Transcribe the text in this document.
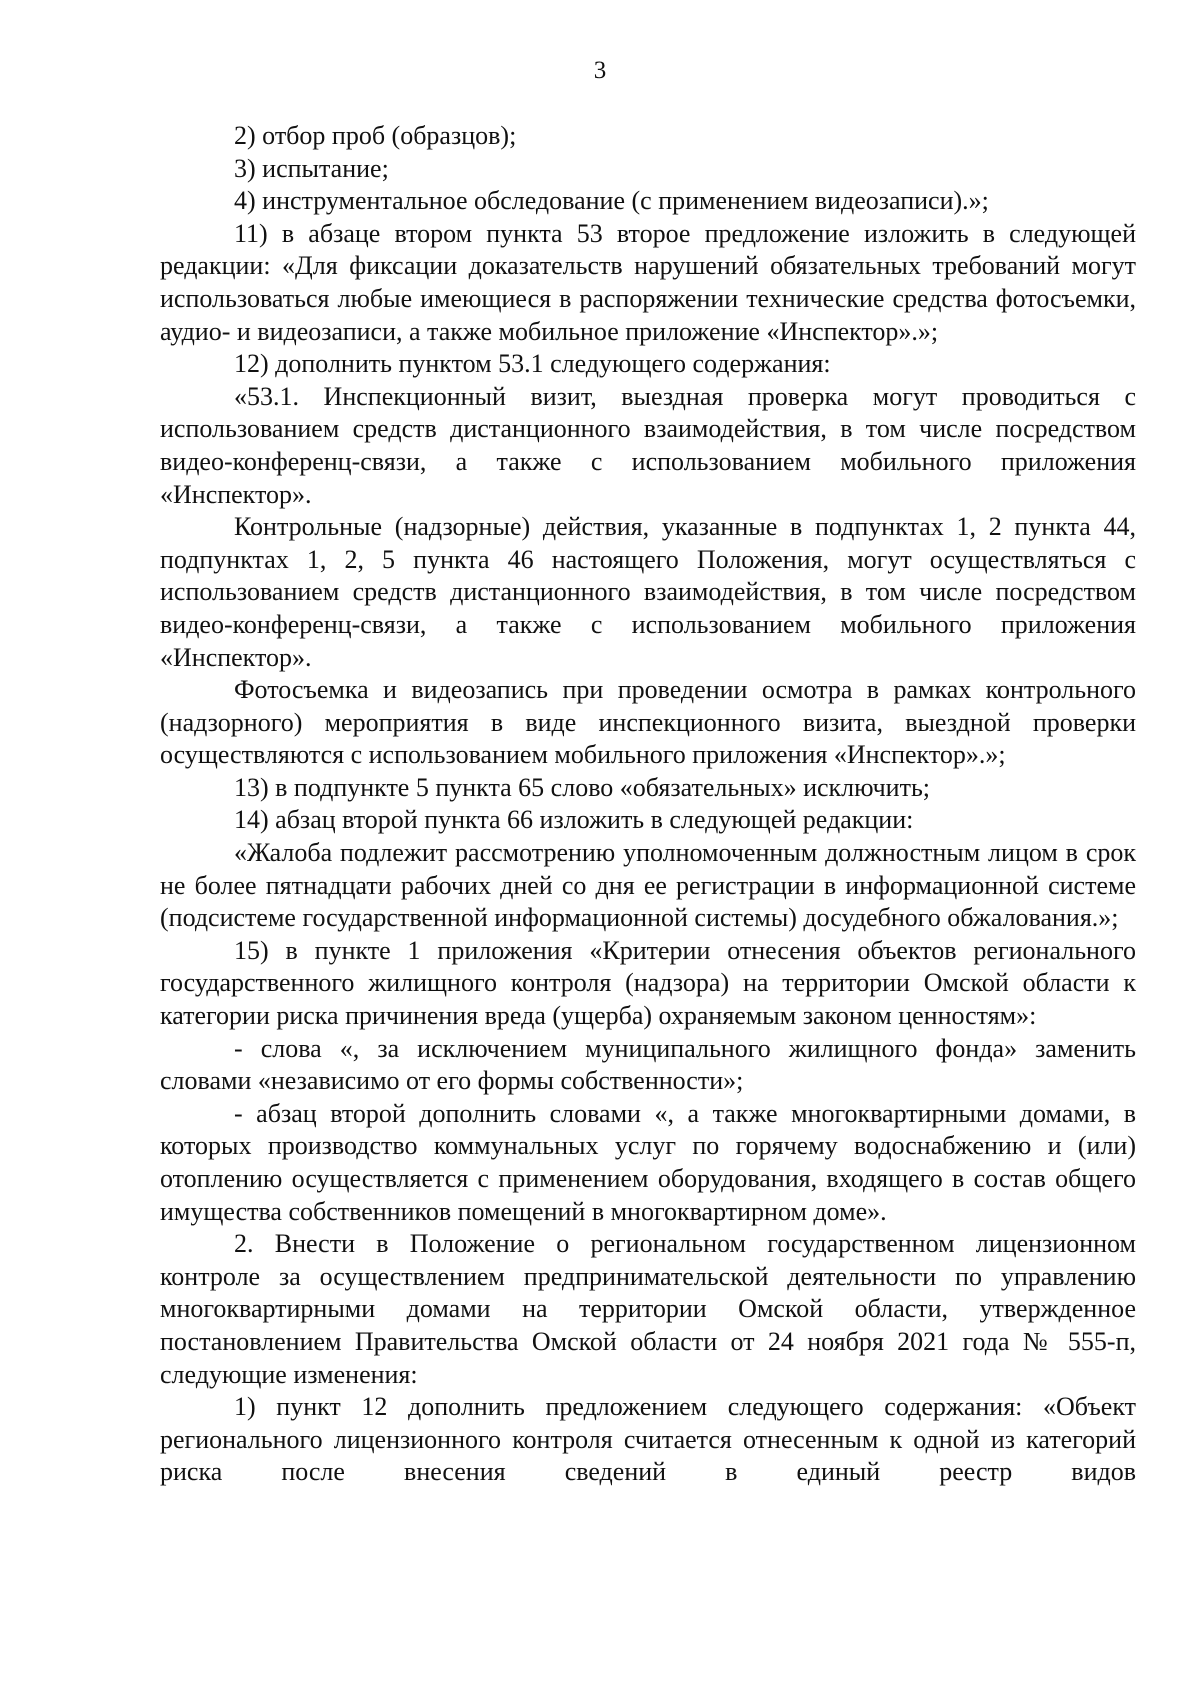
3

2) отбор проб (образцов);

3) испытание;

4) инструментальное обследование (с применением видеозаписи).»;

11) в абзаце втором пункта 53 второе предложение изложить в следующей редакции: «Для фиксации доказательств нарушений обязательных требований могут использоваться любые имеющиеся в распоряжении технические средства фотосъемки, аудио- и видеозаписи, а также мобильное приложение «Инспектор».»;

12) дополнить пунктом 53.1 следующего содержания:

«53.1. Инспекционный визит, выездная проверка могут проводиться с использованием средств дистанционного взаимодействия, в том числе посредством видео-конференц-связи, а также с использованием мобильного приложения «Инспектор».

Контрольные (надзорные) действия, указанные в подпунктах 1, 2 пункта 44, подпунктах 1, 2, 5 пункта 46 настоящего Положения, могут осуществляться с использованием средств дистанционного взаимодействия, в том числе посредством видео-конференц-связи, а также с использованием мобильного приложения «Инспектор».

Фотосъемка и видеозапись при проведении осмотра в рамках контрольного (надзорного) мероприятия в виде инспекционного визита, выездной проверки осуществляются с использованием мобильного приложения «Инспектор».»;

13) в подпункте 5 пункта 65 слово «обязательных» исключить;

14) абзац второй пункта 66 изложить в следующей редакции:

«Жалоба подлежит рассмотрению уполномоченным должностным лицом в срок не более пятнадцати рабочих дней со дня ее регистрации в информационной системе (подсистеме государственной информационной системы) досудебного обжалования.»;

15) в пункте 1 приложения «Критерии отнесения объектов регионального государственного жилищного контроля (надзора) на территории Омской области к категории риска причинения вреда (ущерба) охраняемым законом ценностям»:

- слова «, за исключением муниципального жилищного фонда» заменить словами «независимо от его формы собственности»;

- абзац второй дополнить словами «, а также многоквартирными домами, в которых производство коммунальных услуг по горячему водоснабжению и (или) отоплению осуществляется с применением оборудования, входящего в состав общего имущества собственников помещений в многоквартирном доме».

2. Внести в Положение о региональном государственном лицензионном контроле за осуществлением предпринимательской деятельности по управлению многоквартирными домами на территории Омской области, утвержденное постановлением Правительства Омской области от 24 ноября 2021 года № 555-п, следующие изменения:

1) пункт 12 дополнить предложением следующего содержания: «Объект регионального лицензионного контроля считается отнесенным к одной из категорий риска после внесения сведений в единый реестр видов
